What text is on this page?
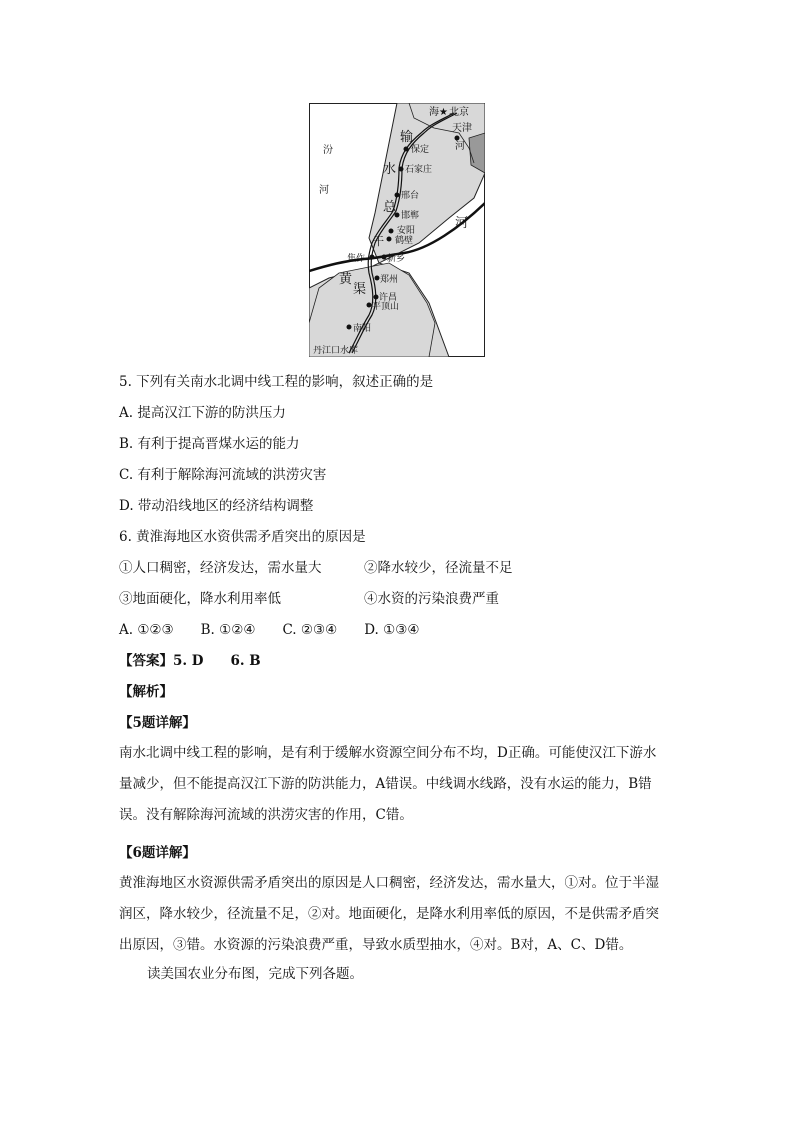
海 ★ 北京
天津
河
保定
汾
河
输
水 石家庄
邢台
总
邯郸
安阳
鹤壁
干
河
焦作 新乡
黄	郑州
渠
许昌
平顶山
南阳
丹江口水库
5. 下列有关南水北调中线工程的影响，叙述正确的是
A. 提高汉江下游的防洪压力
B. 有利于提高晋煤水运的能力
C. 有利于解除海河流域的洪涝灾害
D. 带动沿线地区的经济结构调整
6. 黄淮海地区水资供需矛盾突出的原因是
①人口稠密，经济发达，需水量大	②降水较少，径流量不足
③地面硬化，降水利用率低	④水资的污染浪费严重
A. ①②③　　B. ①②④　　C. ②③④　　D. ①③④
【答案】5. D　　6. B
【解析】
【5题详解】
南水北调中线工程的影响，是有利于缓解水资源空间分布不均，D正确。可能使汉江下游水
量减少，但不能提高汉江下游的防洪能力，A错误。中线调水线路，没有水运的能力，B错
误。没有解除海河流域的洪涝灾害的作用，C错。
【6题详解】
黄淮海地区水资源供需矛盾突出的原因是人口稠密，经济发达，需水量大，①对。位于半湿
润区，降水较少，径流量不足，②对。地面硬化，是降水利用率低的原因，不是供需矛盾突
出原因，③错。水资源的污染浪费严重，导致水质型抽水，④对。B对，A、C、D错。
读美国农业分布图，完成下列各题。
